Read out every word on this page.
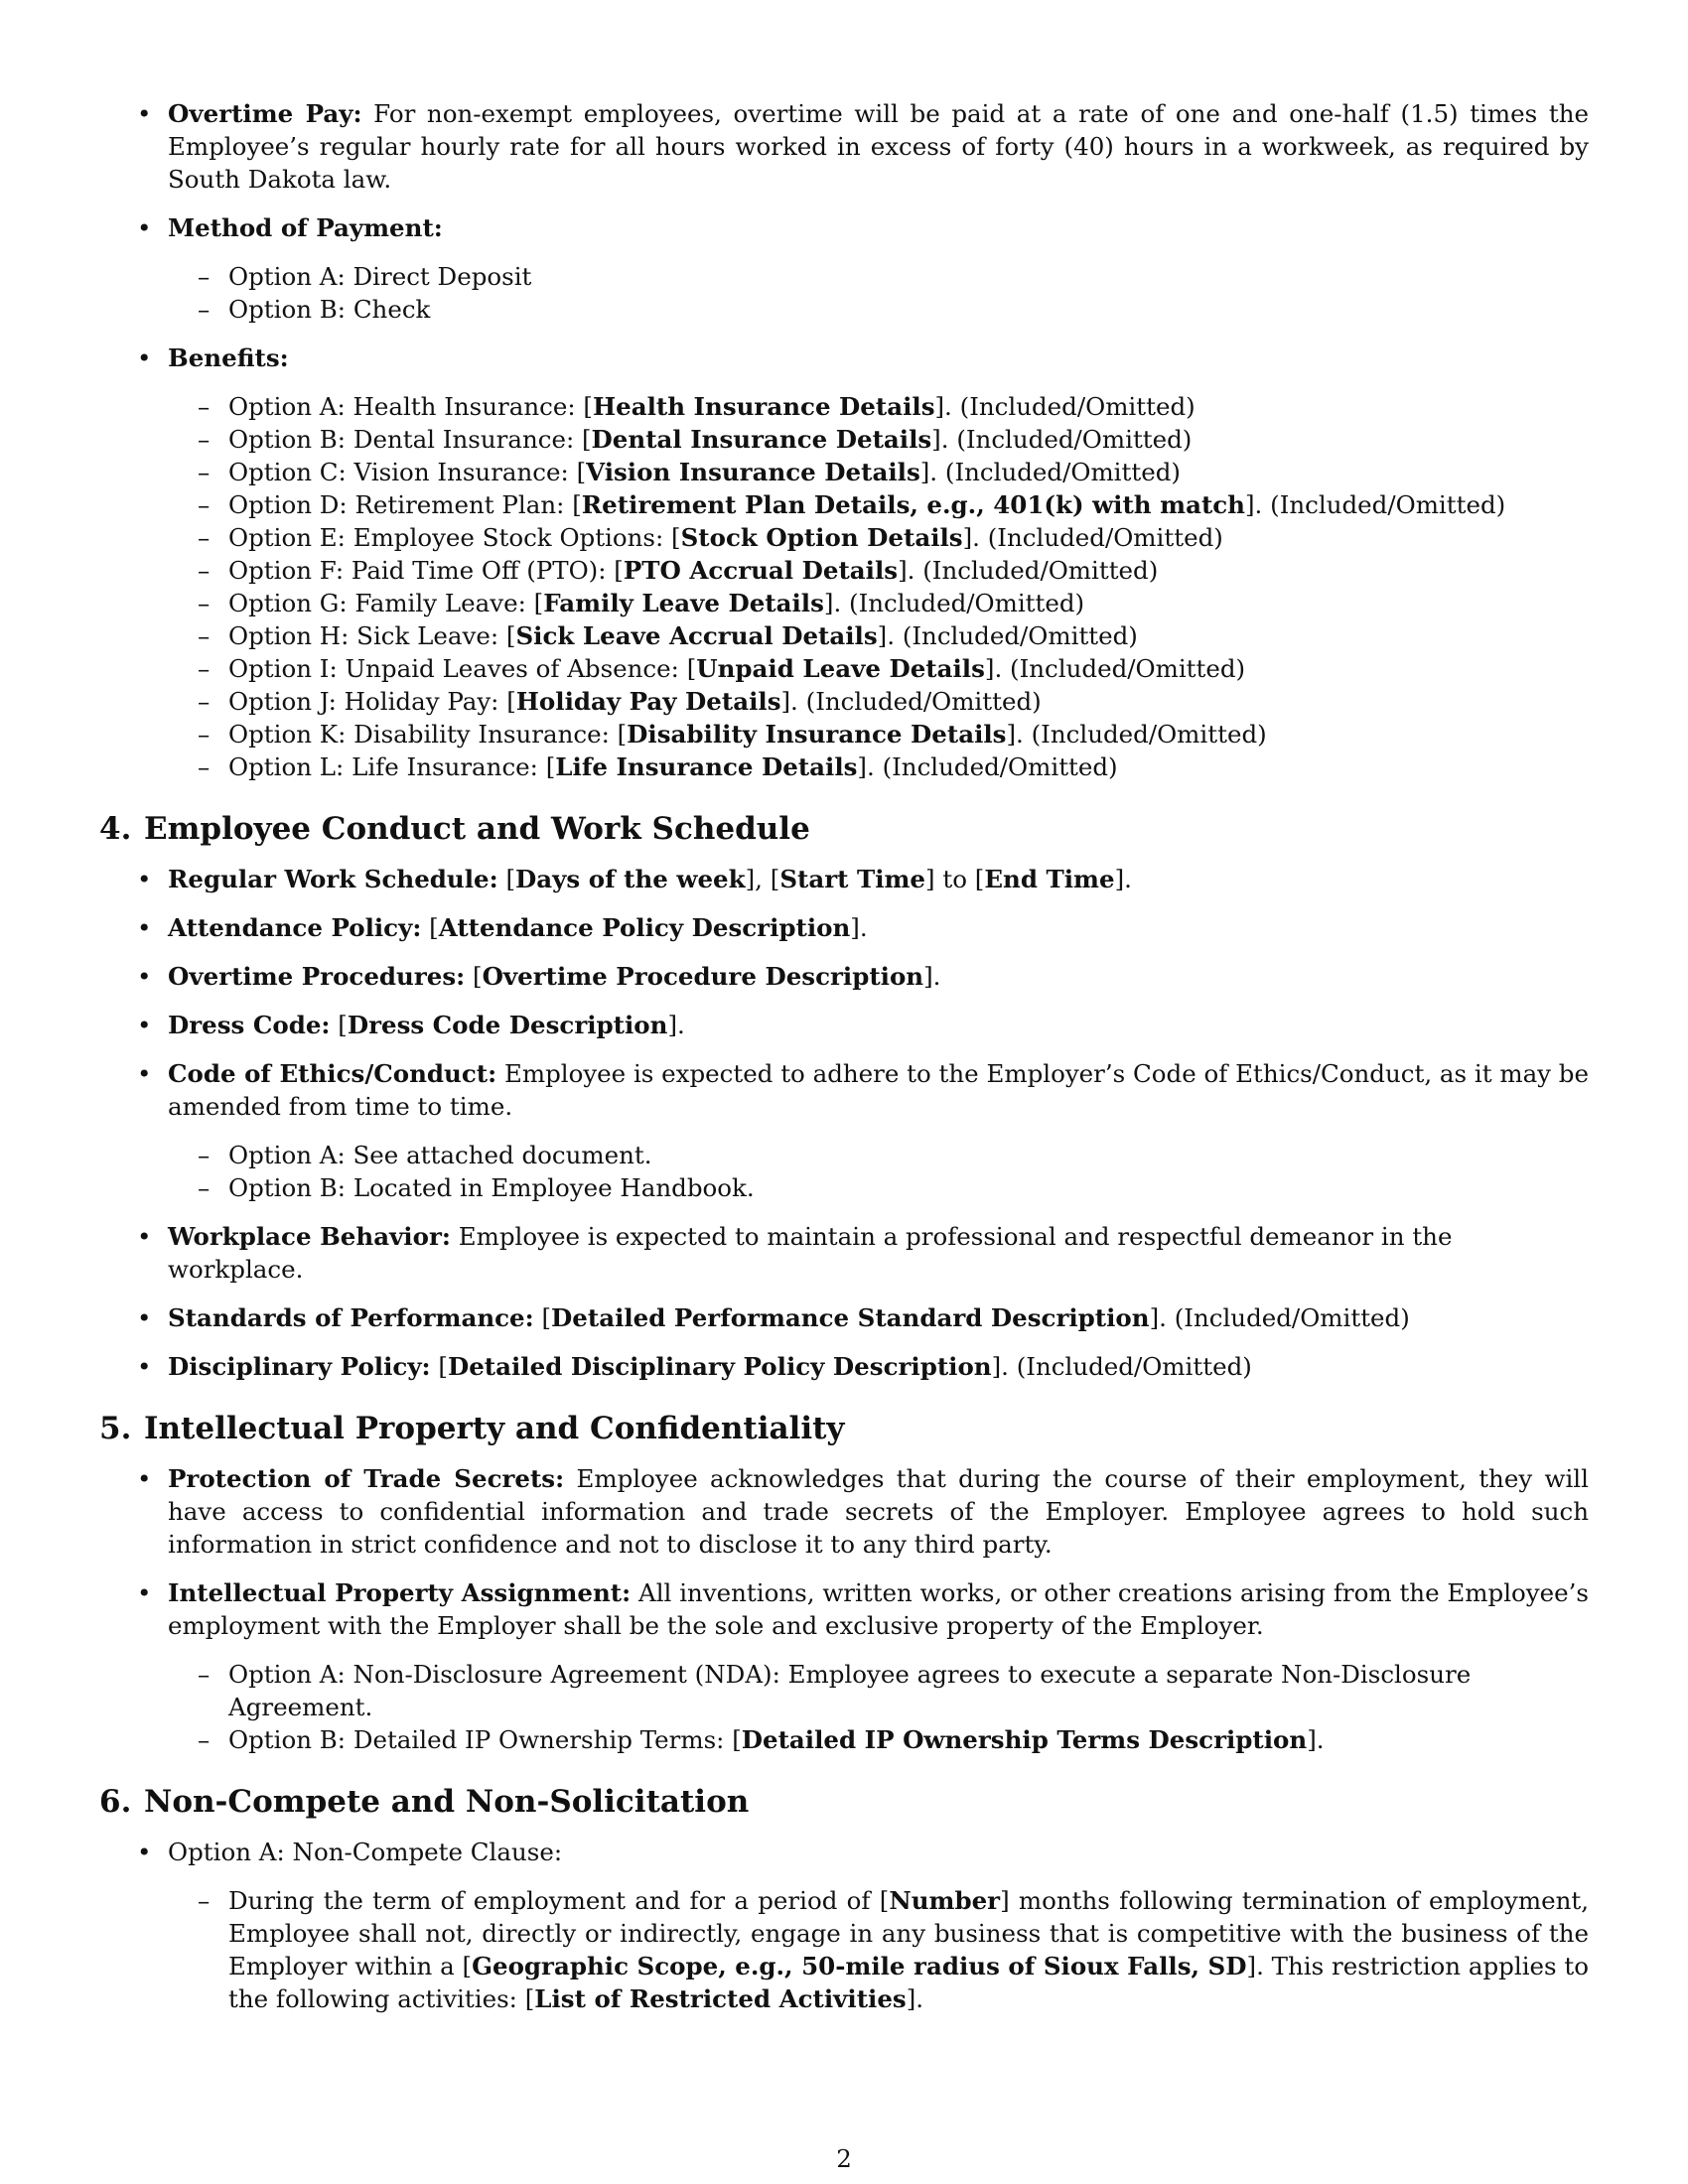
• Overtime Pay: For non-exempt employees, overtime will be paid at a rate of one and one-half (1.5) times the Employee’s regular hourly rate for all hours worked in excess of forty (40) hours in a workweek, as required by South Dakota law.
• Method of Payment:
– Option A: Direct Deposit
– Option B: Check
• Benefits:
– Option A: Health Insurance: [Health Insurance Details]. (Included/Omitted)
– Option B: Dental Insurance: [Dental Insurance Details]. (Included/Omitted)
– Option C: Vision Insurance: [Vision Insurance Details]. (Included/Omitted)
– Option D: Retirement Plan: [Retirement Plan Details, e.g., 401(k) with match]. (Included/Omitted)
– Option E: Employee Stock Options: [Stock Option Details]. (Included/Omitted)
– Option F: Paid Time Off (PTO): [PTO Accrual Details]. (Included/Omitted)
– Option G: Family Leave: [Family Leave Details]. (Included/Omitted)
– Option H: Sick Leave: [Sick Leave Accrual Details]. (Included/Omitted)
– Option I: Unpaid Leaves of Absence: [Unpaid Leave Details]. (Included/Omitted)
– Option J: Holiday Pay: [Holiday Pay Details]. (Included/Omitted)
– Option K: Disability Insurance: [Disability Insurance Details]. (Included/Omitted)
– Option L: Life Insurance: [Life Insurance Details]. (Included/Omitted)
4. Employee Conduct and Work Schedule
• Regular Work Schedule: [Days of the week], [Start Time] to [End Time].
• Attendance Policy: [Attendance Policy Description].
• Overtime Procedures: [Overtime Procedure Description].
• Dress Code: [Dress Code Description].
• Code of Ethics/Conduct: Employee is expected to adhere to the Employer’s Code of Ethics/Conduct, as it may be amended from time to time.
– Option A: See attached document.
– Option B: Located in Employee Handbook.
• Workplace Behavior: Employee is expected to maintain a professional and respectful demeanor in the workplace.
• Standards of Performance: [Detailed Performance Standard Description]. (Included/Omitted)
• Disciplinary Policy: [Detailed Disciplinary Policy Description]. (Included/Omitted)
5. Intellectual Property and Confidentiality
• Protection of Trade Secrets: Employee acknowledges that during the course of their employment, they will have access to confidential information and trade secrets of the Employer. Employee agrees to hold such information in strict confidence and not to disclose it to any third party.
• Intellectual Property Assignment: All inventions, written works, or other creations arising from the Employee’s employment with the Employer shall be the sole and exclusive property of the Employer.
– Option A: Non-Disclosure Agreement (NDA): Employee agrees to execute a separate Non-Disclosure Agreement.
– Option B: Detailed IP Ownership Terms: [Detailed IP Ownership Terms Description].
6. Non-Compete and Non-Solicitation
• Option A: Non-Compete Clause:
– During the term of employment and for a period of [Number] months following termination of employment, Employee shall not, directly or indirectly, engage in any business that is competitive with the business of the Employer within a [Geographic Scope, e.g., 50-mile radius of Sioux Falls, SD]. This restriction applies to the following activities: [List of Restricted Activities].
2
